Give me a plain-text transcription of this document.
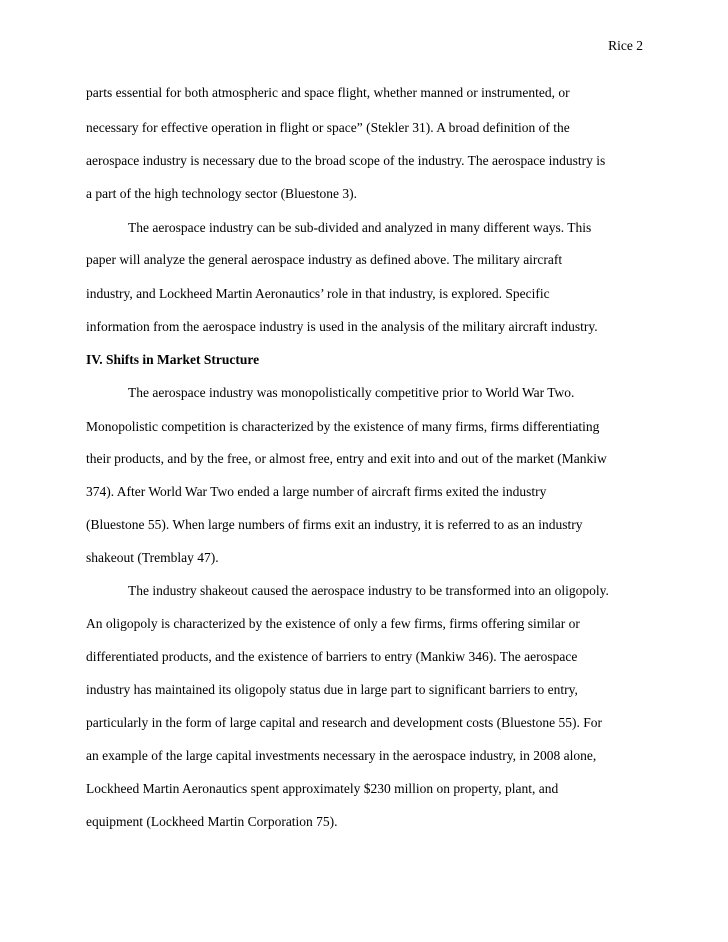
Rice 2
parts essential for both atmospheric and space flight, whether manned or instrumented, or
necessary for effective operation in flight or space” (Stekler 31). A broad definition of the
aerospace industry is necessary due to the broad scope of the industry. The aerospace industry is
a part of the high technology sector (Bluestone 3).
The aerospace industry can be sub-divided and analyzed in many different ways. This
paper will analyze the general aerospace industry as defined above. The military aircraft
industry, and Lockheed Martin Aeronautics’ role in that industry, is explored. Specific
information from the aerospace industry is used in the analysis of the military aircraft industry.
IV. Shifts in Market Structure
The aerospace industry was monopolistically competitive prior to World War Two.
Monopolistic competition is characterized by the existence of many firms, firms differentiating
their products, and by the free, or almost free, entry and exit into and out of the market (Mankiw
374). After World War Two ended a large number of aircraft firms exited the industry
(Bluestone 55). When large numbers of firms exit an industry, it is referred to as an industry
shakeout (Tremblay 47).
The industry shakeout caused the aerospace industry to be transformed into an oligopoly.
An oligopoly is characterized by the existence of only a few firms, firms offering similar or
differentiated products, and the existence of barriers to entry (Mankiw 346). The aerospace
industry has maintained its oligopoly status due in large part to significant barriers to entry,
particularly in the form of large capital and research and development costs (Bluestone 55). For
an example of the large capital investments necessary in the aerospace industry, in 2008 alone,
Lockheed Martin Aeronautics spent approximately $230 million on property, plant, and
equipment (Lockheed Martin Corporation 75).
